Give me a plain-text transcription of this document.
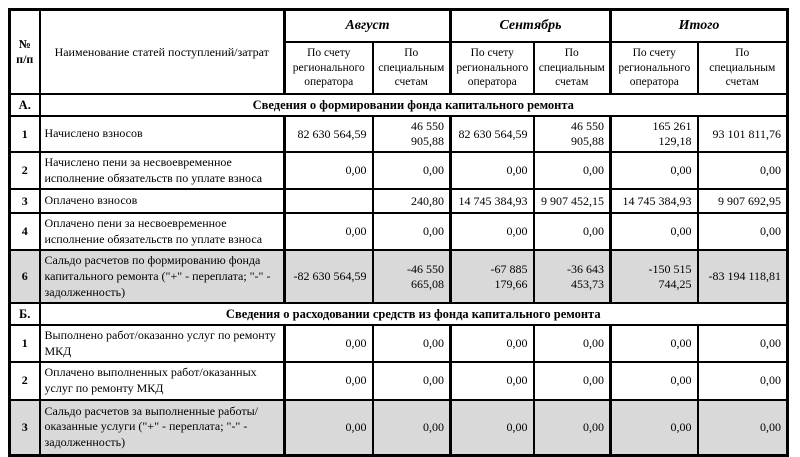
№ п/п	Наименование статей поступлений/затрат	Август		Сентябрь		Итого	
		По счету регионального оператора	По специальным счетам	По счету регионального оператора	По специальным счетам	По счету регионального оператора	По специальным счетам
А.	Сведения о формировании фонда капитального ремонта						
1	Начислено взносов	82 630 564,59	46 550 905,88	82 630 564,59	46 550 905,88	165 261 129,18	93 101 811,76
2	Начислено пени за несвоевременное исполнение обязательств по уплате взноса	0,00	0,00	0,00	0,00	0,00	0,00
3	Оплачено взносов		240,80	14 745 384,93	9 907 452,15	14 745 384,93	9 907 692,95
4	Оплачено пени за несвоевременное исполнение обязательств по уплате взноса	0,00	0,00	0,00	0,00	0,00	0,00
6	Сальдо расчетов по формированию фонда капитального ремонта ("+" - переплата; "-" - задолженность)	-82 630 564,59	-46 550 665,08	-67 885 179,66	-36 643 453,73	-150 515 744,25	-83 194 118,81
Б.	Сведения о расходовании средств из фонда капитального ремонта						
1	Выполнено работ/оказанно услуг по ремонту МКД	0,00	0,00	0,00	0,00	0,00	0,00
2	Оплачено выполненных работ/оказанных услуг по ремонту МКД	0,00	0,00	0,00	0,00	0,00	0,00
3	Сальдо расчетов за выполненные работы/оказанные услуги ("+" - переплата; "-" - задолженность)	0,00	0,00	0,00	0,00	0,00	0,00
